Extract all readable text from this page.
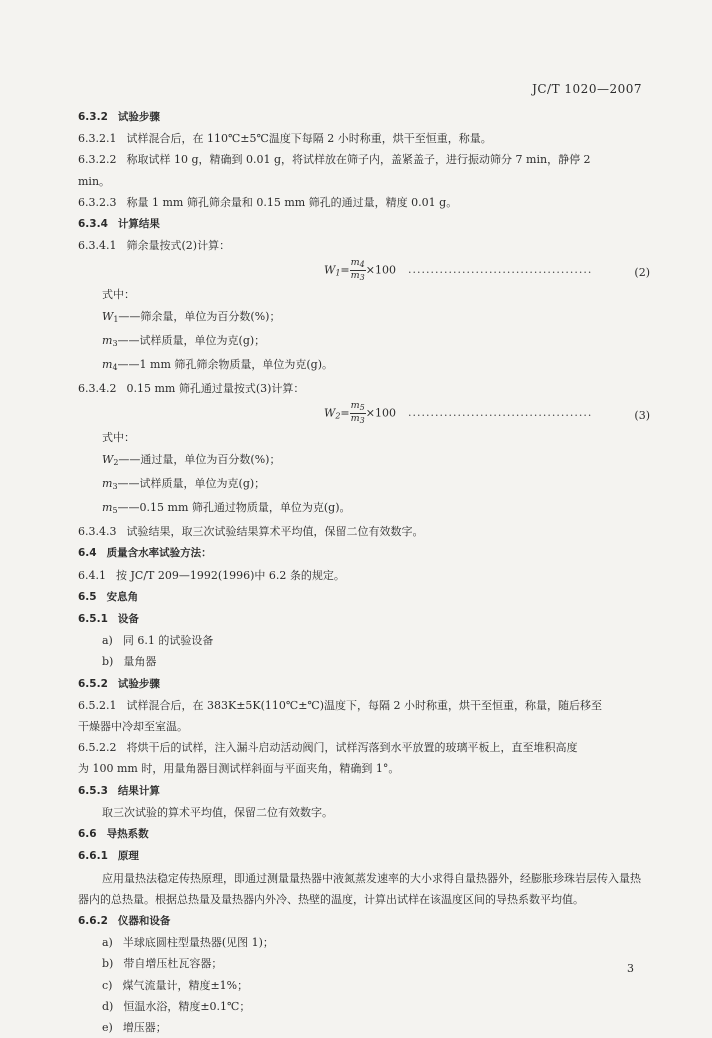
JC/T 1020—2007
6.3.2 试验步骤
6.3.2.1 试样混合后，在 110℃±5℃温度下每隔 2 小时称重，烘干至恒重，称量。
6.3.2.2 称取试样 10 g，精确到 0.01 g，将试样放在筛子内，盖紧盖子，进行振动筛分 7 min，静停 2
min。
6.3.2.3 称量 1 mm 筛孔筛余量和 0.15 mm 筛孔的通过量，精度 0.01 g。
6.3.4 计算结果
6.3.4.1 筛余量按式(2)计算：
$W_1= \frac{m_4}{m_3} \times 100$ ·········································	(2)
式中：
$W_1——$筛余量，单位为百分数(%)；
$m_3——$试样质量，单位为克(g)；
$m_4——1$ mm 筛孔筛余物质量，单位为克(g)。
6.3.4.2 0.15 mm 筛孔通过量按式(3)计算：
$W_2= \frac{m_5}{m_3} \times 100$ ·········································	(3)
式中：
$W_2——$通过量，单位为百分数(%)；
$m_3——$试样质量，单位为克(g)；
$m_5——0.15$ mm 筛孔通过物质量，单位为克(g)。
6.3.4.3 试验结果，取三次试验结果算术平均值，保留二位有效数字。
6.4 质量含水率试验方法：
6.4.1 按 JC/T 209—1992(1996)中 6.2 条的规定。
6.5 安息角
6.5.1 设备
a) 同 6.1 的试验设备
b) 量角器
6.5.2 试验步骤
6.5.2.1 试样混合后，在 383K±5K(110℃±℃)温度下，每隔 2 小时称重，烘干至恒重，称量，随后移至
干燥器中冷却至室温。
6.5.2.2 将烘干后的试样，注入漏斗启动活动阀门，试样泻落到水平放置的玻璃平板上，直至堆积高度
为 100 mm 时，用量角器目测试样斜面与平面夹角，精确到 1°。
6.5.3 结果计算
取三次试验的算术平均值，保留二位有效数字。
6.6 导热系数
6.6.1 原理
应用量热法稳定传热原理，即通过测量量热器中液氮蒸发速率的大小求得自量热器外，经膨胀珍珠岩层传入量热器内的总热量。根据总热量及量热器内外冷、热壁的温度，计算出试样在该温度区间的导热系数平均值。
6.6.2 仪器和设备
a) 半球底圆柱型量热器(见图 1)；
b) 带自增压杜瓦容器；
c) 煤气流量计，精度±1%；
d) 恒温水浴，精度±0.1℃；
e) 增压器；
3
